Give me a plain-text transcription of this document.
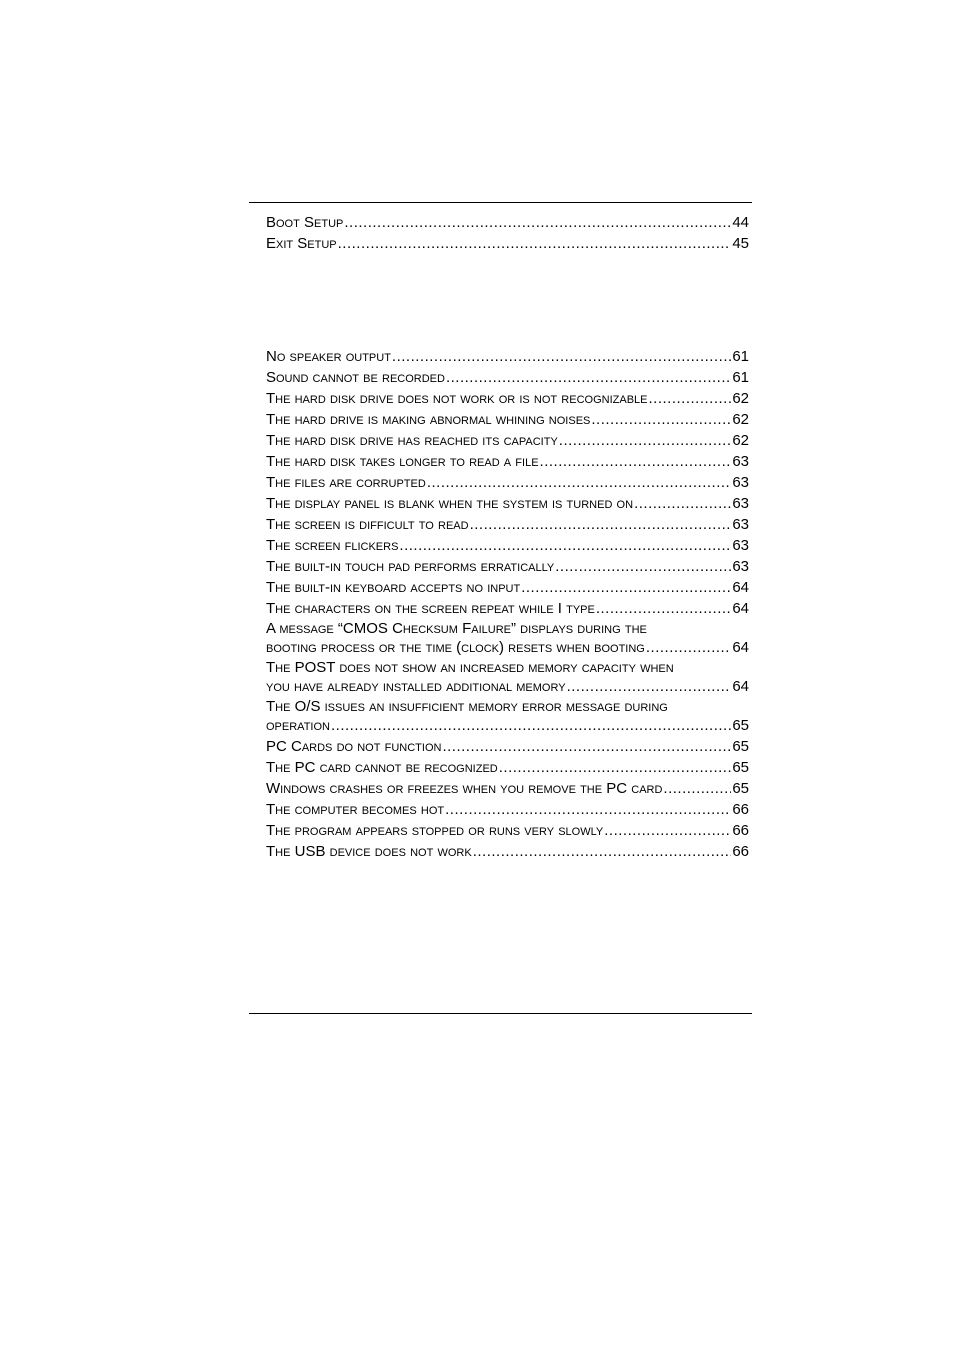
Boot Setup .....	44
Exit Setup .....	45
No speaker output .....	61
Sound cannot be recorded .....	61
The hard disk drive does not work or is not recognizable .....	62
The hard drive is making abnormal whining noises .....	62
The hard disk drive has reached its capacity .....	62
The hard disk takes longer to read a file .....	63
The files are corrupted .....	63
The display panel is blank when the system is turned on .....	63
The screen is difficult to read .....	63
The screen flickers .....	63
The built-in touch pad performs erratically .....	63
The built-in keyboard accepts no input .....	64
The characters on the screen repeat while I type .....	64
A message “CMOS Checksum Failure” displays during the
booting process or the time (clock) resets when booting .....	64
The POST does not show an increased memory capacity when
you have already installed additional memory .....	64
The O/S issues an insufficient memory error message during
operation .....	65
PC Cards do not function .....	65
The PC card cannot be recognized .....	65
Windows crashes or freezes when you remove the PC card .....	65
The computer becomes hot .....	66
The program appears stopped or runs very slowly .....	66
The USB device does not work .....	66
